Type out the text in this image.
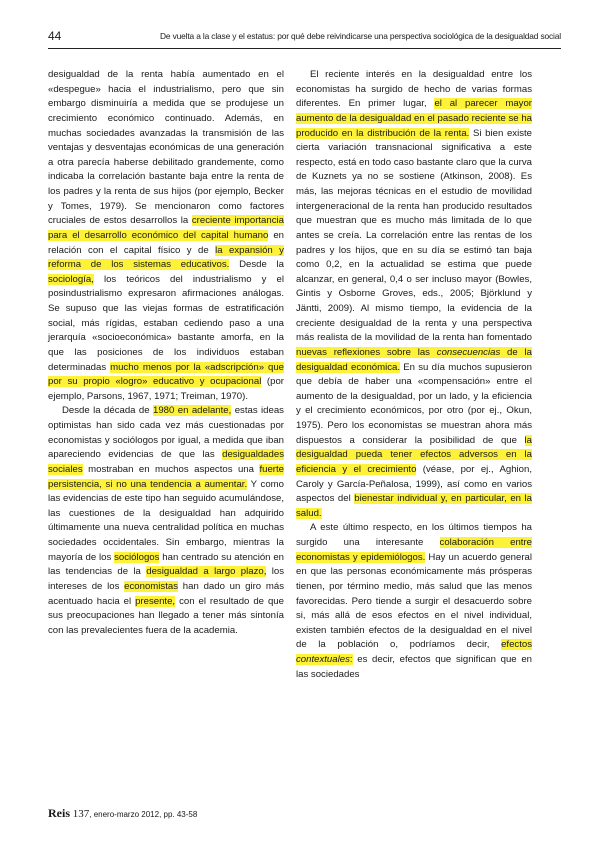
44	De vuelta a la clase y el estatus: por qué debe reivindicarse una perspectiva sociológica de la desigualdad social

desigualdad de la renta había aumentado en el «despegue» hacia el industrialismo, pero que sin embargo disminuiría a medida que se produjese un crecimiento económico continuado. Además, en muchas sociedades avanzadas la transmisión de las ventajas y desventajas económicas de una generación a otra parecía haberse debilitado grandemente, como indicaba la correlación bastante baja entre la renta de los padres y la renta de sus hijos (por ejemplo, Becker y Tomes, 1979). Se mencionaron como factores cruciales de estos desarrollos la creciente importancia para el desarrollo económico del capital humano en relación con el capital físico y de la expansión y reforma de los sistemas educativos. Desde la sociología, los teóricos del industrialismo y el posindustrialismo expresaron afirmaciones análogas. Se supuso que las viejas formas de estratificación social, más rígidas, estaban cediendo paso a una jerarquía «socioeconómica» bastante amorfa, en la que las posiciones de los individuos estaban determinadas mucho menos por la «adscripción» que por su propio «logro» educativo y ocupacional (por ejemplo, Parsons, 1967, 1971; Treiman, 1970).

Desde la década de 1980 en adelante, estas ideas optimistas han sido cada vez más cuestionadas por economistas y sociólogos por igual, a medida que iban apareciendo evidencias de que las desigualdades sociales mostraban en muchos aspectos una fuerte persistencia, si no una tendencia a aumentar. Y como las evidencias de este tipo han seguido acumulándose, las cuestiones de la desigualdad han adquirido últimamente una nueva centralidad política en muchas sociedades occidentales. Sin embargo, mientras la mayoría de los sociólogos han centrado su atención en las tendencias de la desigualdad a largo plazo, los intereses de los economistas han dado un giro más acentuado hacia el presente, con el resultado de que sus preocupaciones han llegado a tener más sintonía con las prevalecientes fuera de la academia.

El reciente interés en la desigualdad entre los economistas ha surgido de hecho de varias formas diferentes. En primer lugar, el al parecer mayor aumento de la desigualdad en el pasado reciente se ha producido en la distribución de la renta. Si bien existe cierta variación transnacional significativa a este respecto, está en todo caso bastante claro que la curva de Kuznets ya no se sostiene (Atkinson, 2008). Es más, las mejoras técnicas en el estudio de movilidad intergeneracional de la renta han producido resultados que muestran que es mucho más limitada de lo que antes se creía. La correlación entre las rentas de los padres y los hijos, que en su día se estimó tan baja como 0,2, en la actualidad se estima que puede alcanzar, en general, 0,4 o ser incluso mayor (Bowles, Gintis y Osborne Groves, eds., 2005; Björklund y Jäntti, 2009). Al mismo tiempo, la evidencia de la creciente desigualdad de la renta y una perspectiva más realista de la movilidad de la renta han fomentado nuevas reflexiones sobre las consecuencias de la desigualdad económica. En su día muchos supusieron que debía de haber una «compensación» entre el aumento de la desigualdad, por un lado, y la eficiencia y el crecimiento económicos, por otro (por ej., Okun, 1975). Pero los economistas se muestran ahora más dispuestos a considerar la posibilidad de que la desigualdad pueda tener efectos adversos en la eficiencia y el crecimiento (véase, por ej., Aghion, Caroly y García-Peñalosa, 1999), así como en varios aspectos del bienestar individual y, en particular, en la salud.

A este último respecto, en los últimos tiempos ha surgido una interesante colaboración entre economistas y epidemiólogos. Hay un acuerdo general en que las personas económicamente más prósperas tienen, por término medio, más salud que las menos favorecidas. Pero tiende a surgir el desacuerdo sobre si, más allá de esos efectos en el nivel individual, existen también efectos de la desigualdad en el nivel de la población o, podríamos decir, efectos contextuales: es decir, efectos que significan que en las sociedades

Reis 137, enero-marzo 2012, pp. 43-58
